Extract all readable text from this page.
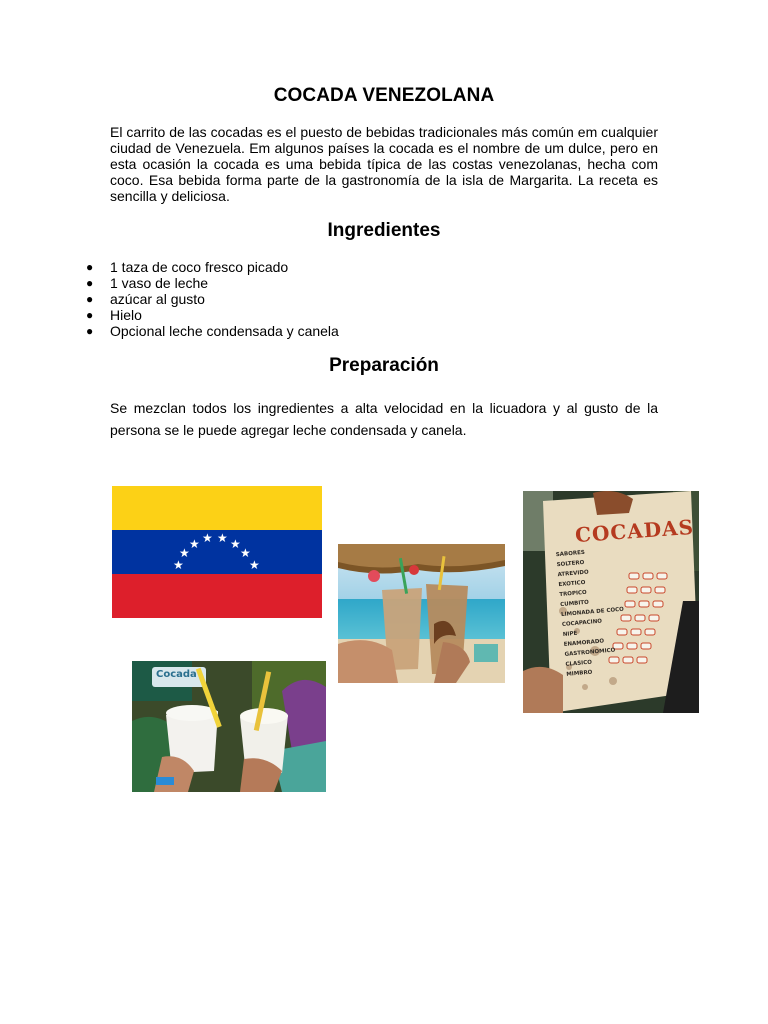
COCADA VENEZOLANA

El carrito de las cocadas es el puesto de bebidas tradicionales más común em cualquier ciudad de Venezuela. Em algunos países la cocada es el nombre de um dulce, pero en esta ocasión la cocada es uma bebida típica de las costas venezolanas, hecha com coco. Esa bebida forma parte de la gastronomía de la isla de Margarita. La receta es sencilla y deliciosa.

Ingredientes
● 1 taza de coco fresco picado
● 1 vaso de leche
● azúcar al gusto
● Hielo
● Opcional leche condensada y canela
Preparación

Se mezclan todos los ingredientes a alta velocidad en la licuadora y al gusto de la persona se le puede agregar leche condensada y canela.

★
★
★ ★ ★ ★
★
★
COCADAS
SABORES
SOLTERO
ATREVIDO
EXOTICO
TROPICO
CUMBITO
LIMONADA DE COCO
COCAPACINO
NIPE
ENAMORADO
GASTRONOMICO
CLASICO
MIMBRO
Cocada
